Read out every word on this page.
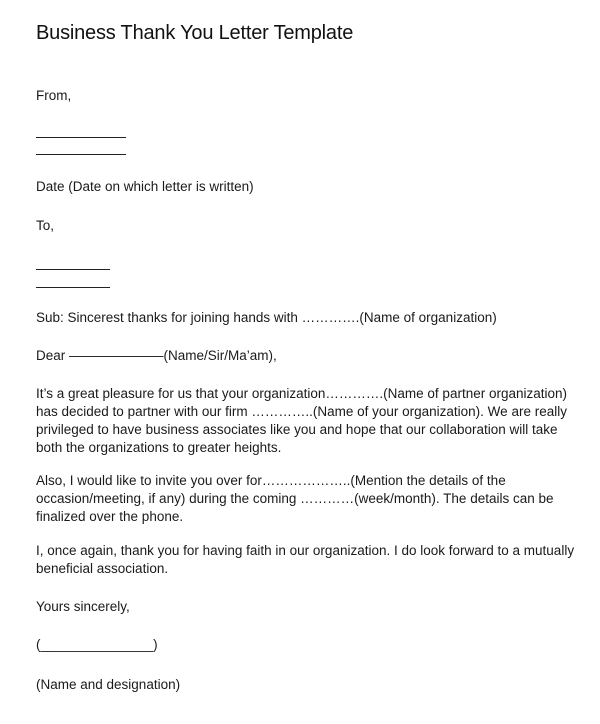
Business Thank You Letter Template
From,
Date (Date on which letter is written)
To,
Sub: Sincerest thanks for joining hands with ………….(Name of organization)
Dear ———————(Name/Sir/Ma’am),
It’s a great pleasure for us that your organization………….(Name of partner organization) has decided to partner with our firm …………..(Name of your organization). We are really privileged to have business associates like you and hope that our collaboration will take both the organizations to greater heights.
Also, I would like to invite you over for………………..(Mention the details of the occasion/meeting, if any) during the coming …………(week/month). The details can be finalized over the phone.
I, once again, thank you for having faith in our organization. I do look forward to a mutually beneficial association.
Yours sincerely,
(_______________)
(Name and designation)
